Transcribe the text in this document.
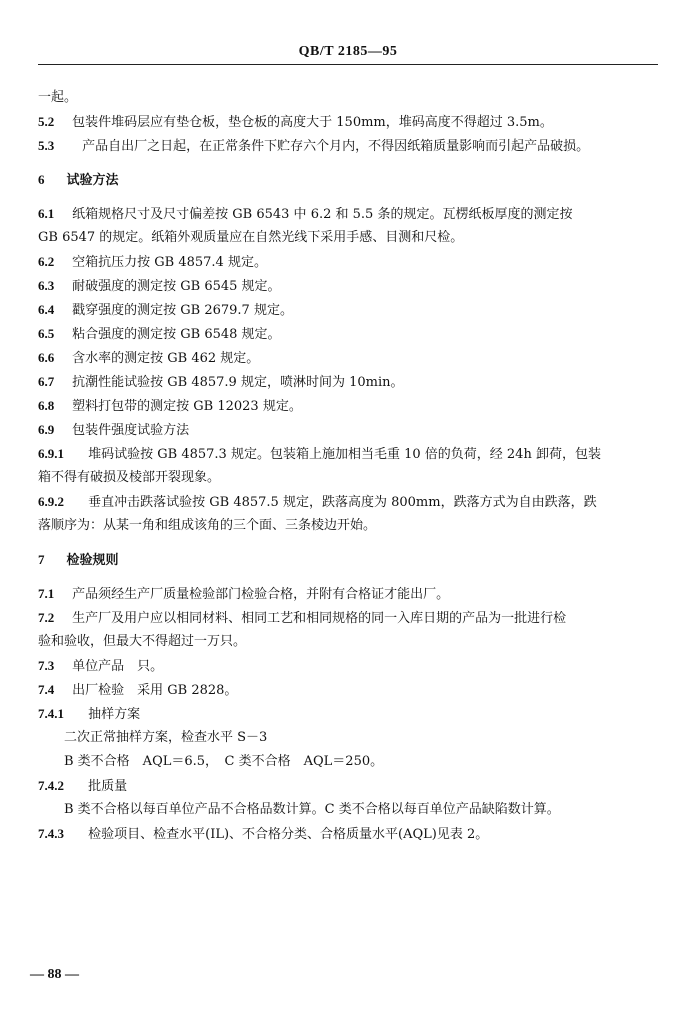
QB/T 2185—95
一起。
5.2 包装件堆码层应有垫仓板，垫仓板的高度大于 150mm，堆码高度不得超过 3.5m。
5.3 产品自出厂之日起，在正常条件下贮存六个月内，不得因纸箱质量影响而引起产品破损。
6 试验方法
6.1 纸箱规格尺寸及尺寸偏差按 GB 6543 中 6.2 和 5.5 条的规定。瓦楞纸板厚度的测定按
GB 6547 的规定。纸箱外观质量应在自然光线下采用手感、目测和尺检。
6.2 空箱抗压力按 GB 4857.4 规定。
6.3 耐破强度的测定按 GB 6545 规定。
6.4 戳穿强度的测定按 GB 2679.7 规定。
6.5 粘合强度的测定按 GB 6548 规定。
6.6 含水率的测定按 GB 462 规定。
6.7 抗潮性能试验按 GB 4857.9 规定，喷淋时间为 10min。
6.8 塑料打包带的测定按 GB 12023 规定。
6.9 包装件强度试验方法
6.9.1 堆码试验按 GB 4857.3 规定。包装箱上施加相当毛重 10 倍的负荷，经 24h 卸荷，包装
箱不得有破损及棱部开裂现象。
6.9.2 垂直冲击跌落试验按 GB 4857.5 规定，跌落高度为 800mm，跌落方式为自由跌落，跌
落顺序为：从某一角和组成该角的三个面、三条棱边开始。
7 检验规则
7.1 产品须经生产厂质量检验部门检验合格，并附有合格证才能出厂。
7.2 生产厂及用户应以相同材料、相同工艺和相同规格的同一入库日期的产品为一批进行检
验和验收，但最大不得超过一万只。
7.3 单位产品　只。
7.4 出厂检验　采用 GB 2828。
7.4.1 抽样方案
二次正常抽样方案，检查水平 S－3
B 类不合格　AQL＝6.5，　C 类不合格　AQL＝250。
7.4.2 批质量
B 类不合格以每百单位产品不合格品数计算。C 类不合格以每百单位产品缺陷数计算。
7.4.3 检验项目、检查水平(IL)、不合格分类、合格质量水平(AQL)见表 2。
— 88 —
